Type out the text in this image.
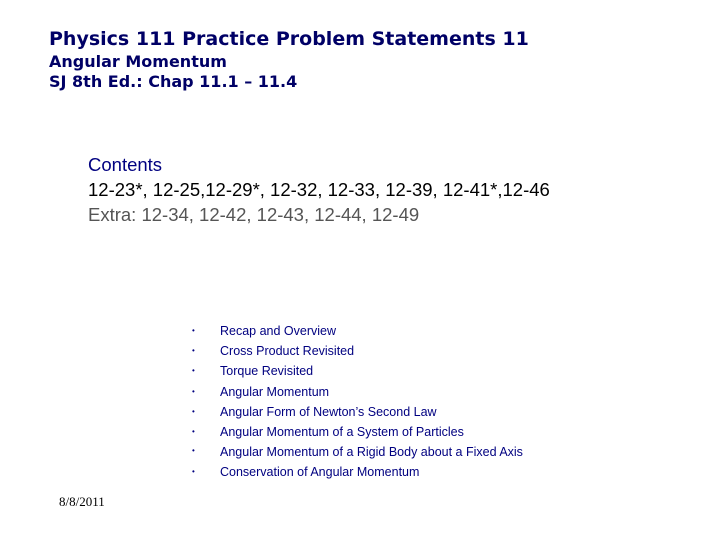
Physics 111 Practice Problem Statements 11
Angular Momentum
SJ 8th Ed.: Chap 11.1 – 11.4
Contents
12-23*, 12-25,12-29*, 12-32, 12-33, 12-39, 12-41*,12-46
Extra: 12-34, 12-42, 12-43, 12-44, 12-49
•	Recap and Overview
•	Cross Product Revisited
•	Torque Revisited
•	Angular Momentum
•	Angular Form of Newton’s Second Law
•	Angular Momentum of a System of Particles
•	Angular Momentum of a Rigid Body about a Fixed Axis
•	Conservation of Angular Momentum
8/8/2011
